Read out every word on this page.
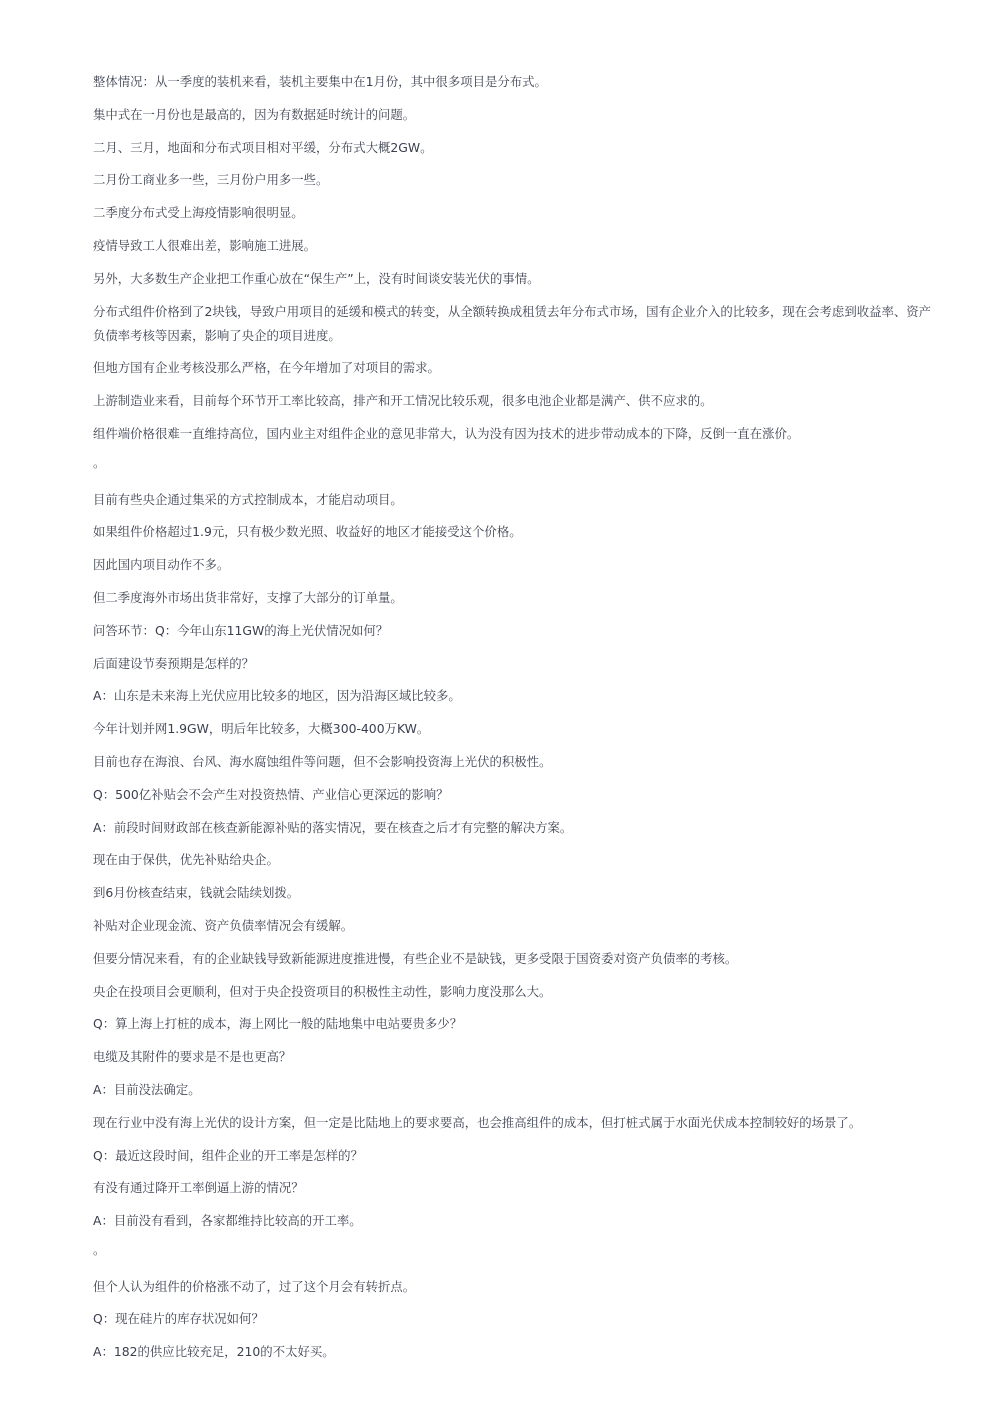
整体情况：从一季度的装机来看，装机主要集中在1月份，其中很多项目是分布式。

集中式在一月份也是最高的，因为有数据延时统计的问题。

二月、三月，地面和分布式项目相对平缓，分布式大概2GW。

二月份工商业多一些，三月份户用多一些。

二季度分布式受上海疫情影响很明显。

疫情导致工人很难出差，影响施工进展。

另外，大多数生产企业把工作重心放在“保生产”上，没有时间谈安装光伏的事情。

分布式组件价格到了2块钱，导致户用项目的延缓和模式的转变，从全额转换成租赁去年分布式市场，国有企业介入的比较多，现在会考虑到收益率、资产负债率考核等因素，影响了央企的项目进度。

但地方国有企业考核没那么严格，在今年增加了对项目的需求。

上游制造业来看，目前每个环节开工率比较高，排产和开工情况比较乐观，很多电池企业都是满产、供不应求的。

组件端价格很难一直维持高位，国内业主对组件企业的意见非常大，认为没有因为技术的进步带动成本的下降，反倒一直在涨价。

。

目前有些央企通过集采的方式控制成本，才能启动项目。

如果组件价格超过1.9元，只有极少数光照、收益好的地区才能接受这个价格。

因此国内项目动作不多。

但二季度海外市场出货非常好，支撑了大部分的订单量。

问答环节：Q：今年山东11GW的海上光伏情况如何？

后面建设节奏预期是怎样的？

A：山东是未来海上光伏应用比较多的地区，因为沿海区域比较多。

今年计划并网1.9GW，明后年比较多，大概300-400万KW。

目前也存在海浪、台风、海水腐蚀组件等问题，但不会影响投资海上光伏的积极性。

Q：500亿补贴会不会产生对投资热情、产业信心更深远的影响？

A：前段时间财政部在核查新能源补贴的落实情况，要在核查之后才有完整的解决方案。

现在由于保供，优先补贴给央企。

到6月份核查结束，钱就会陆续划拨。

补贴对企业现金流、资产负债率情况会有缓解。

但要分情况来看，有的企业缺钱导致新能源进度推进慢，有些企业不是缺钱，更多受限于国资委对资产负债率的考核。

央企在投项目会更顺利，但对于央企投资项目的积极性主动性，影响力度没那么大。

Q：算上海上打桩的成本，海上网比一般的陆地集中电站要贵多少？

电缆及其附件的要求是不是也更高？

A：目前没法确定。

现在行业中没有海上光伏的设计方案，但一定是比陆地上的要求要高，也会推高组件的成本，但打桩式属于水面光伏成本控制较好的场景了。

Q：最近这段时间，组件企业的开工率是怎样的？

有没有通过降开工率倒逼上游的情况？

A：目前没有看到，各家都维持比较高的开工率。

。

但个人认为组件的价格涨不动了，过了这个月会有转折点。

Q：现在硅片的库存状况如何？

A：182的供应比较充足，210的不太好买。
